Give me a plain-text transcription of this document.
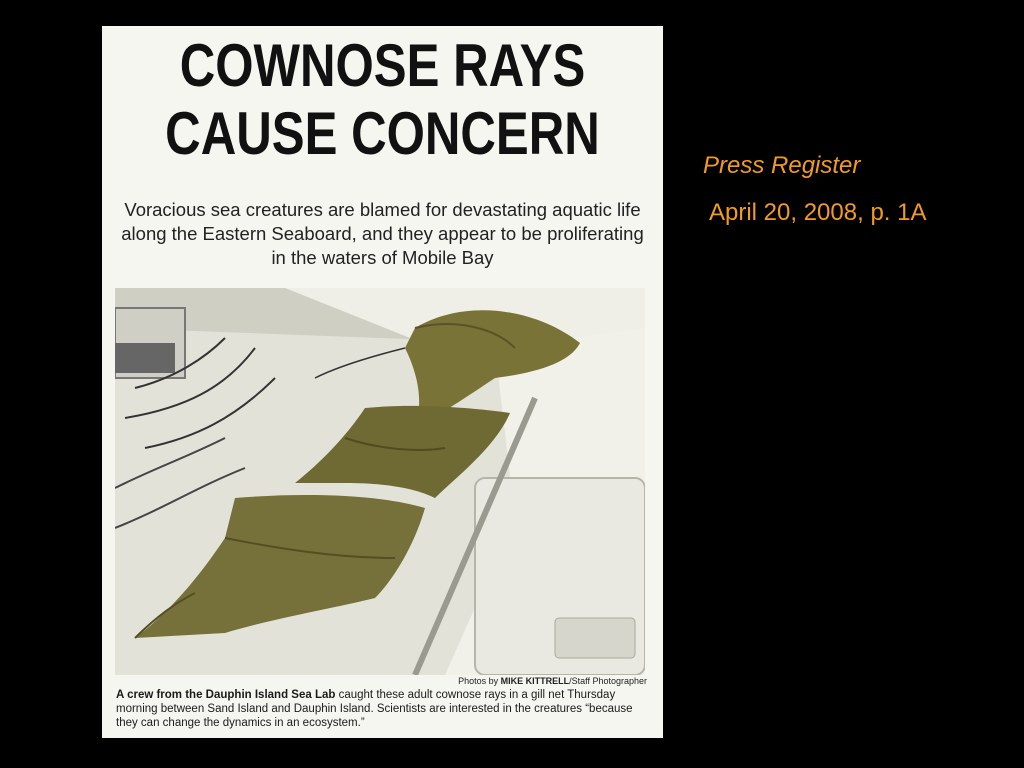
COWNOSE RAYS
CAUSE CONCERN
Voracious sea creatures are blamed for devastating aquatic life along the Eastern Seaboard, and they appear to be proliferating in the waters of Mobile Bay
Photos by MIKE KITTRELL/Staff Photographer
A crew from the Dauphin Island Sea Lab caught these adult cownose rays in a gill net Thursday morning between Sand Island and Dauphin Island. Scientists are interested in the creatures “because they can change the dynamics in an ecosystem.”
Press Register
April 20, 2008, p. 1A
